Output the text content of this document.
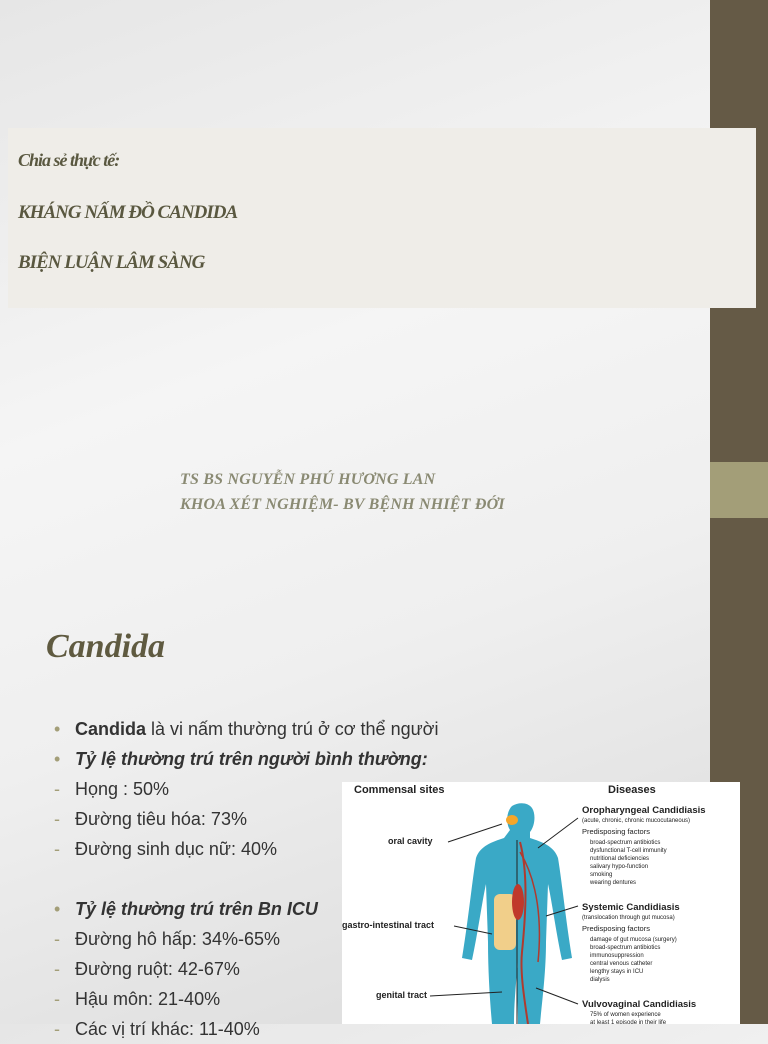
Chia sẻ thực tế:

KHÁNG NẤM ĐỒ CANDIDA

BIỆN LUẬN LÂM SÀNG

TS BS NGUYỄN PHÚ HƯƠNG LAN
KHOA XÉT NGHIỆM- BV BỆNH NHIỆT ĐỚI
Candida
• Candida là vi nấm thường trú ở cơ thể người
• Tỷ lệ thường trú trên người bình thường:
- Họng : 50%
- Đường tiêu hóa: 73%
- Đường sinh dục nữ: 40%
• Tỷ lệ thường trú trên Bn ICU
- Đường hô hấp: 34%-65%
- Đường ruột: 42-67%
- Hậu môn: 21-40%
- Các vị trí khác: 11-40%
Commensal sites	Diseases
oral cavity
gastro-intestinal tract
genital tract
Oropharyngeal Candidiasis
(acute, chronic, chronic mucocutaneous)
Predisposing factors
broad-spectrum antibiotics
dysfunctional T-cell immunity
nutritional deficiencies
salivary hypo-function
smoking
wearing dentures
Systemic Candidiasis
(translocation through gut mucosa)
Predisposing factors
damage of gut mucosa (surgery)
broad-spectrum antibiotics
immunosuppression
central venous catheter
lengthy stays in ICU
dialysis
Vulvovaginal Candidiasis
75% of women experience
at least 1 episode in their life
